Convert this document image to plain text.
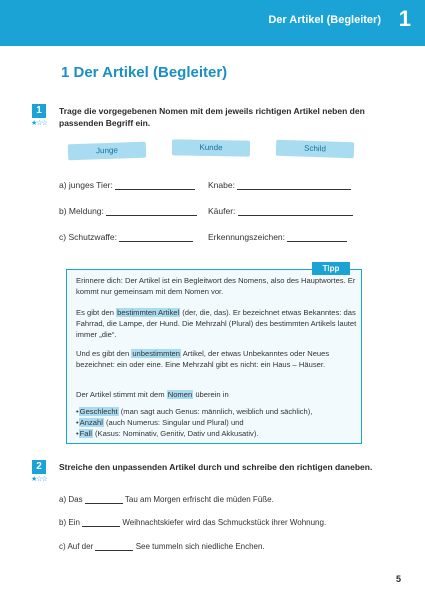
Der Artikel (Begleiter) 1
1 Der Artikel (Begleiter)
1
★☆☆
Trage die vorgegebenen Nomen mit dem jeweils richtigen Artikel neben den
passenden Begriff ein.
Junge	Kunde	Schild
a) junges Tier:	Knabe:
b) Meldung:	Käufer:
c) Schutzwaffe:	Erkennungszeichen:
Tipp
Erinnere dich: Der Artikel ist ein Begleitwort des Nomens, also des Hauptwortes. Er kommt nur gemeinsam mit dem Nomen vor.
Es gibt den bestimmten Artikel (der, die, das). Er bezeichnet etwas Bekanntes: das Fahrrad, die Lampe, der Hund. Die Mehrzahl (Plural) des bestimmten Artikels lautet immer „die“.
Und es gibt den unbestimmten Artikel, der etwas Unbekanntes oder Neues bezeichnet: ein oder eine. Eine Mehrzahl gibt es nicht: ein Haus – Häuser.
Der Artikel stimmt mit dem Nomen überein in
• Geschlecht (man sagt auch Genus: männlich, weiblich und sächlich),
• Anzahl (auch Numerus: Singular und Plural) und
• Fall (Kasus: Nominativ, Genitiv, Dativ und Akkusativ).
2
★☆☆
Streiche den unpassenden Artikel durch und schreibe den richtigen daneben.
a) Das	Tau am Morgen erfrischt die müden Füße.
b) Ein	Weihnachtskiefer wird das Schmuckstück ihrer Wohnung.
c) Auf der	See tummeln sich niedliche Enchen.
5
